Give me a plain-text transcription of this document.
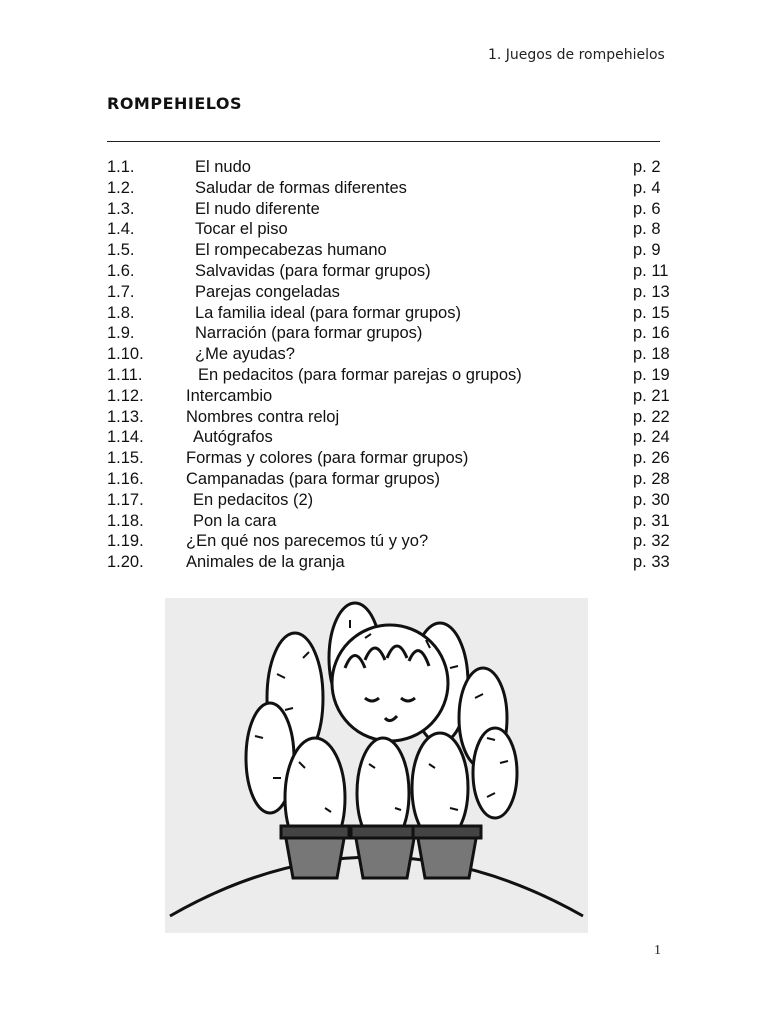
1. Juegos de rompehielos
ROMPEHIELOS
1.1.	El nudo	p. 2
1.2.	Saludar de formas diferentes	p. 4
1.3.	El nudo diferente	p. 6
1.4.	Tocar el piso	p. 8
1.5.	El rompecabezas humano	p. 9
1.6.	Salvavidas (para formar grupos)	p. 11
1.7.	Parejas congeladas	p. 13
1.8.	La familia ideal (para formar grupos)	p. 15
1.9.	Narración (para formar grupos)	p. 16
1.10.	¿Me ayudas?	p. 18
1.11.	En pedacitos (para formar parejas o grupos)	p. 19
1.12.	Intercambio	p. 21
1.13.	Nombres contra reloj	p. 22
1.14.	Autógrafos	p. 24
1.15.	Formas y colores (para formar grupos)	p. 26
1.16.	Campanadas (para formar grupos)	p. 28
1.17.	En pedacitos (2)	p. 30
1.18.	Pon la cara	p. 31
1.19.	¿En qué nos parecemos tú y yo?	p. 32
1.20.	Animales de la granja	p. 33
1
